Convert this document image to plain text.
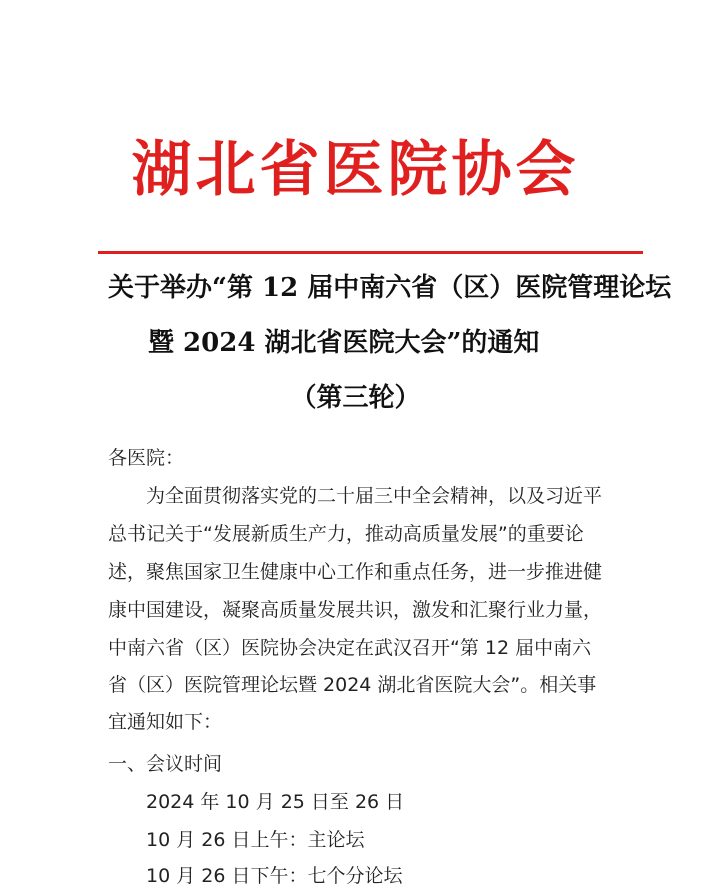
湖北省医院协会
关于举办“第 12 届中南六省（区）医院管理论坛
暨 2024 湖北省医院大会”的通知
（第三轮）
各医院：
为全面贯彻落实党的二十届三中全会精神，以及习近平
总书记关于“发展新质生产力，推动高质量发展”的重要论
述，聚焦国家卫生健康中心工作和重点任务，进一步推进健
康中国建设，凝聚高质量发展共识，激发和汇聚行业力量，
中南六省（区）医院协会决定在武汉召开“第 12 届中南六
省（区）医院管理论坛暨 2024 湖北省医院大会”。相关事
宜通知如下：
一、会议时间
2024 年 10 月 25 日至 26 日
10 月 26 日上午：主论坛
10 月 26 日下午：七个分论坛
